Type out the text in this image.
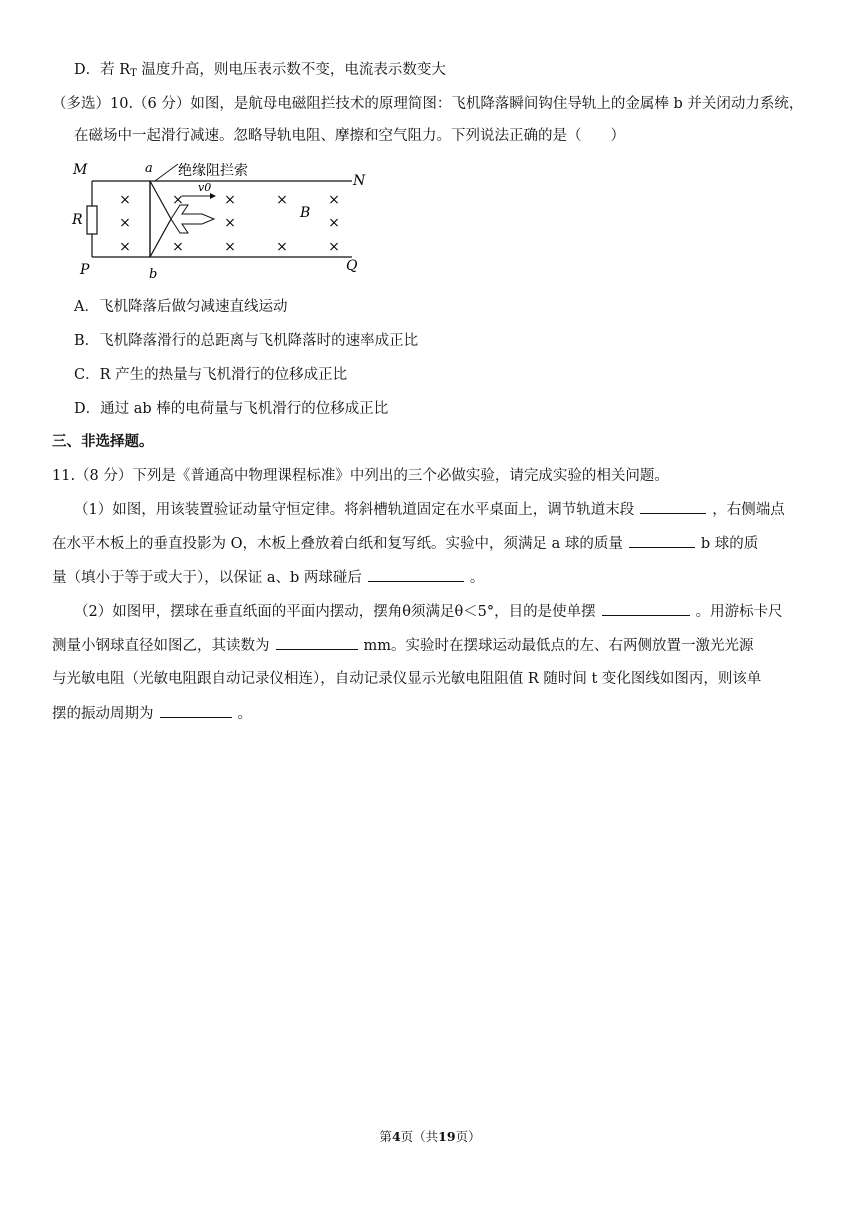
D．若 $R_T$ 温度升高，则电压表示数不变，电流表示数变大
（多选）10.（6 分）如图，是航母电磁阻拦技术的原理简图：飞机降落瞬间钩住导轨上的金属棒 b 并关闭动力系统，
在磁场中一起滑行减速。忽略导轨电阻、摩擦和空气阻力。下列说法正确的是（　　）
M
N
P	Q
a
b
R	B
v0
绝缘阻拦索
×
×
×
×
×
×
×
×
×
×
×
×
×
A．飞机降落后做匀减速直线运动
B．飞机降落滑行的总距离与飞机降落时的速率成正比
C．R 产生的热量与飞机滑行的位移成正比
D．通过 ab 棒的电荷量与飞机滑行的位移成正比
三、非选择题。
11.（8 分）下列是《普通高中物理课程标准》中列出的三个必做实验，请完成实验的相关问题。
（1）如图，用该装置验证动量守恒定律。将斜槽轨道固定在水平桌面上，调节轨道末段	，右侧端点
在水平木板上的垂直投影为 O，木板上叠放着白纸和复写纸。实验中，须满足 a 球的质量	b 球的质
量（填小于等于或大于），以保证 a、b 两球碰后	。
（2）如图甲，摆球在垂直纸面的平面内摆动，摆角θ须满足θ＜5°，目的是使单摆	。用游标卡尺
测量小钢球直径如图乙，其读数为	mm。实验时在摆球运动最低点的左、右两侧放置一激光光源
与光敏电阻（光敏电阻跟自动记录仪相连），自动记录仪显示光敏电阻阻值 R 随时间 t 变化图线如图丙，则该单
摆的振动周期为	。
第4页（共19页）
